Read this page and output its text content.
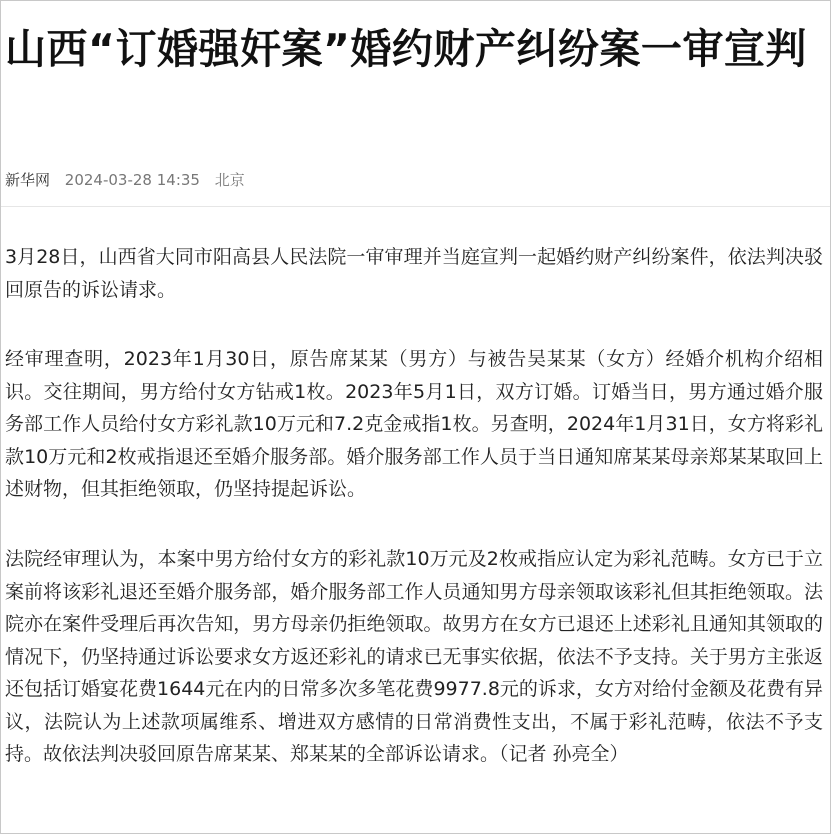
山西“订婚强奸案”婚约财产纠纷案一审宣判
新华网 2024-03-28 14:35 北京

3月28日，山西省大同市阳高县人民法院一审审理并当庭宣判一起婚约财产纠纷案件，依法判决驳回原告的诉讼请求。

经审理查明，2023年1月30日，原告席某某（男方）与被告吴某某（女方）经婚介机构介绍相识。交往期间，男方给付女方钻戒1枚。2023年5月1日，双方订婚。订婚当日，男方通过婚介服务部工作人员给付女方彩礼款10万元和7.2克金戒指1枚。另查明，2024年1月31日，女方将彩礼款10万元和2枚戒指退还至婚介服务部。婚介服务部工作人员于当日通知席某某母亲郑某某取回上述财物，但其拒绝领取，仍坚持提起诉讼。

法院经审理认为，本案中男方给付女方的彩礼款10万元及2枚戒指应认定为彩礼范畴。女方已于立案前将该彩礼退还至婚介服务部，婚介服务部工作人员通知男方母亲领取该彩礼但其拒绝领取。法院亦在案件受理后再次告知，男方母亲仍拒绝领取。故男方在女方已退还上述彩礼且通知其领取的情况下，仍坚持通过诉讼要求女方返还彩礼的请求已无事实依据，依法不予支持。关于男方主张返还包括订婚宴花费1644元在内的日常多次多笔花费9977.8元的诉求，女方对给付金额及花费有异议，法院认为上述款项属维系、增进双方感情的日常消费性支出，不属于彩礼范畴，依法不予支持。故依法判决驳回原告席某某、郑某某的全部诉讼请求。（记者 孙亮全）
